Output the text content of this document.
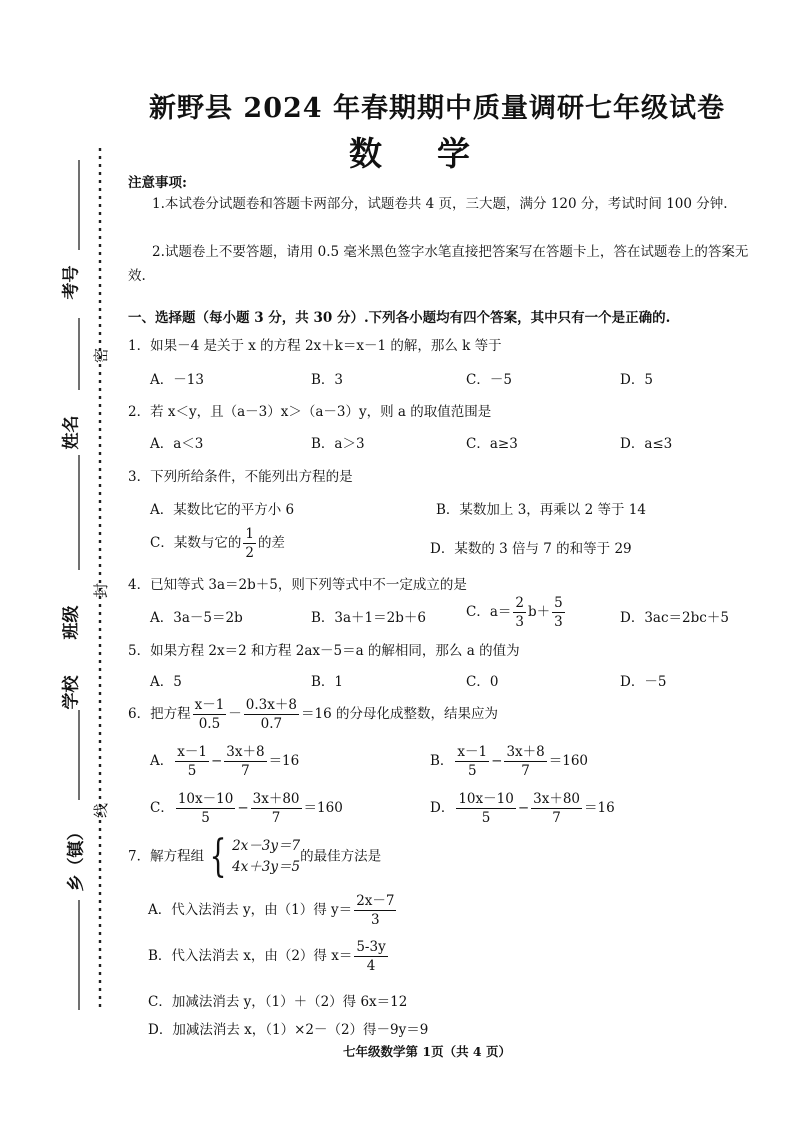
考号
姓名
班级
学校
乡（镇）
密
封
线
新野县 2024 年春期期中质量调研七年级试卷
数学
注意事项:
1.本试卷分试题卷和答题卡两部分，试题卷共 4 页，三大题，满分 120 分，考试时间 100 分钟.
2.试题卷上不要答题，请用 0.5 毫米黑色签字水笔直接把答案写在答题卡上，答在试题卷上的答案无效.
一、选择题（每小题 3 分，共 30 分）.下列各小题均有四个答案，其中只有一个是正确的.
1．如果－4 是关于 x 的方程 2x＋k＝x－1 的解，那么 k 等于
A．－13	B．3	C．－5	D．5
2．若 x＜y，且（a－3）x＞（a－3）y，则 a 的取值范围是
A．a＜3	B．a＞3	C．a≥3	D．a≤3
3．下列所给条件，不能列出方程的是
A．某数比它的平方小 6	B．某数加上 3，再乘以 2 等于 14
C．某数与它的 $\frac{1}{2}$ 的差	D．某数的 3 倍与 7 的和等于 29
4．已知等式 3a＝2b＋5，则下列等式中不一定成立的是
A．3a－5＝2b	B．3a＋1＝2b＋6	C．$a= \frac{2}{3} b+ \frac{5}{3}$	D．3ac＝2bc＋5
5．如果方程 2x＝2 和方程 2ax－5＝a 的解相同，那么 a 的值为
A．5	B．1	C．0	D．－5
6．把方程 $\frac{x-1}{0.5} - \frac{0.3x+8}{0.7} =16$ 的分母化成整数，结果应为
A． $\frac{x-1}{5} - \frac{3x+8}{7} =16$	B． $\frac{x-1}{5} - \frac{3x+8}{7} =160$
C． $\frac{10x-10}{5} - \frac{3x+80}{7} =160$	D． $\frac{10x-10}{5} - \frac{3x+80}{7} =16$
7．解方程组 { 2x－3y＝7
4x＋3y＝5
的最佳方法是
A．代入法消去 y，由（1）得 $y= \frac{2x-7}{3}$
B．代入法消去 x，由（2）得 $x= \frac{5-3y}{4}$
C．加减法消去 y，（1）＋（2）得 6x＝12
D．加减法消去 x，（1）×2－（2）得－9y＝9
七年级数学第 1页（共 4 页）
